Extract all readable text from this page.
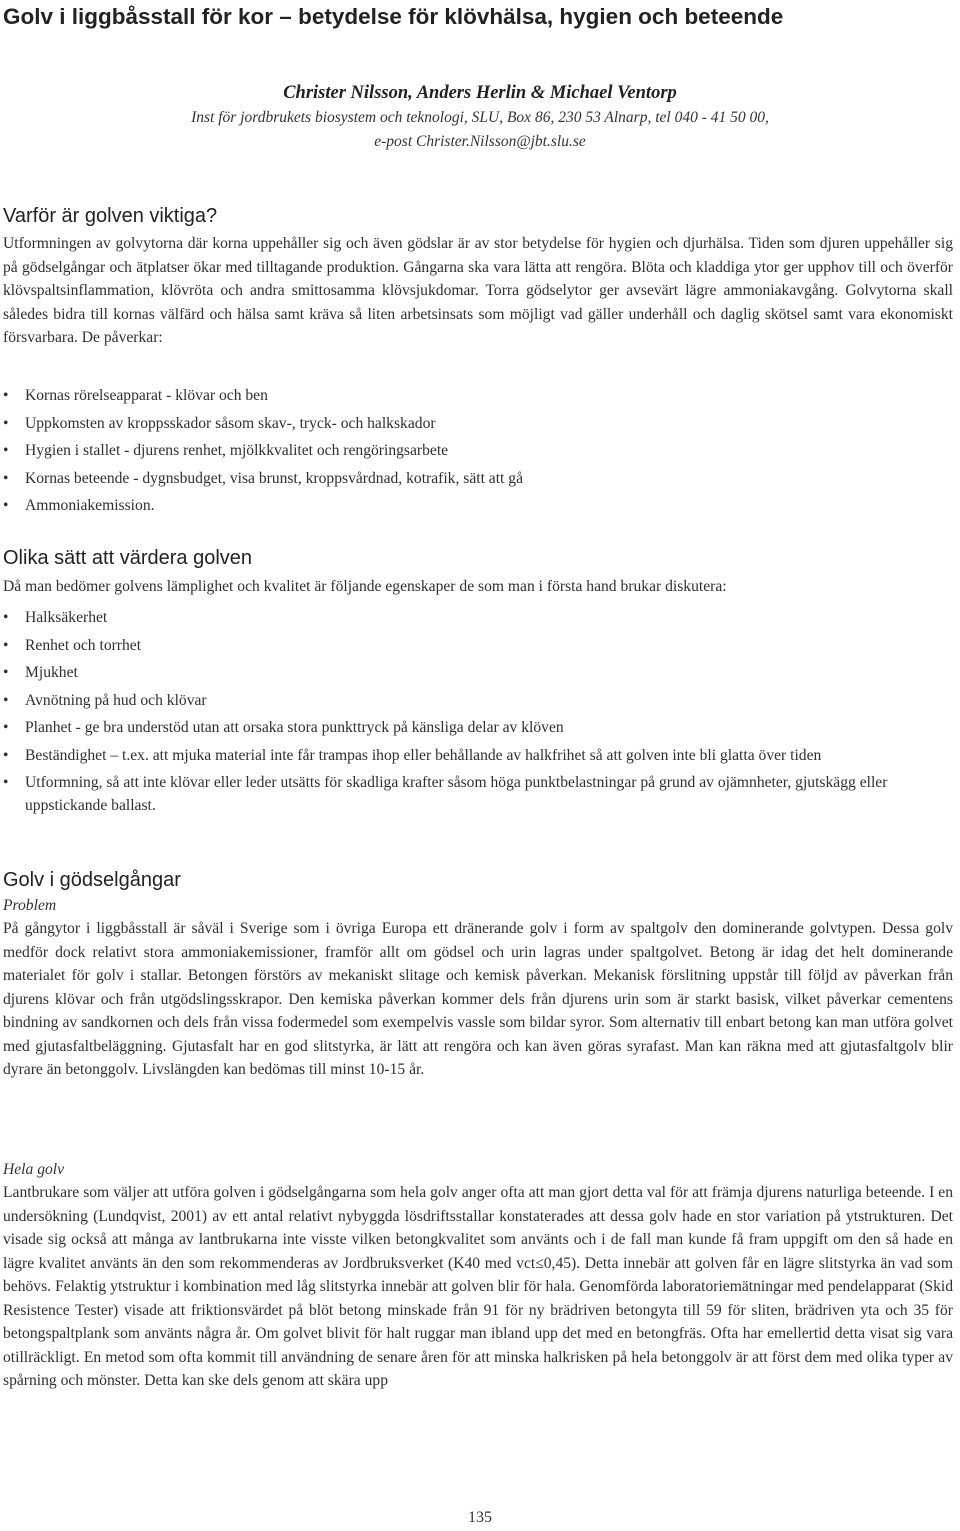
Golv i liggbåsstall för kor – betydelse för klövhälsa, hygien och beteende
Christer Nilsson, Anders Herlin & Michael Ventorp
Inst för jordbrukets biosystem och teknologi, SLU, Box 86, 230 53 Alnarp, tel 040 - 41 50 00,
e-post Christer.Nilsson@jbt.slu.se
Varför är golven viktiga?

Utformningen av golvytorna där korna uppehåller sig och även gödslar är av stor betydelse för hygien och djurhälsa. Tiden som djuren uppehåller sig på gödselgångar och ätplatser ökar med tilltagande produktion. Gångarna ska vara lätta att rengöra. Blöta och kladdiga ytor ger upphov till och överför klövspaltsinflammation, klövröta och andra smittosamma klövsjukdomar. Torra gödselytor ger avsevärt lägre ammoniakavgång. Golvytorna skall således bidra till kornas välfärd och hälsa samt kräva så liten arbetsinsats som möjligt vad gäller underhåll och daglig skötsel samt vara ekonomiskt försvarbara. De påverkar:

• Kornas rörelseapparat - klövar och ben
• Uppkomsten av kroppsskador såsom skav-, tryck- och halkskador
• Hygien i stallet - djurens renhet, mjölkkvalitet och rengöringsarbete
• Kornas beteende - dygnsbudget, visa brunst, kroppsvårdnad, kotrafik, sätt att gå
• Ammoniakemission.
Olika sätt att värdera golven

Då man bedömer golvens lämplighet och kvalitet är följande egenskaper de som man i första hand brukar diskutera:

• Halksäkerhet
• Renhet och torrhet
• Mjukhet
• Avnötning på hud och klövar
• Planhet - ge bra understöd utan att orsaka stora punkttryck på känsliga delar av klöven
• Beständighet – t.ex. att mjuka material inte får trampas ihop eller behållande av halkfrihet så att golven inte bli glatta över tiden
• Utformning, så att inte klövar eller leder utsätts för skadliga krafter såsom höga punktbelastningar på grund av ojämnheter, gjutskägg eller uppstickande ballast.
Golv i gödselgångar
Problem

På gångytor i liggbåsstall är såväl i Sverige som i övriga Europa ett dränerande golv i form av spaltgolv den dominerande golvtypen. Dessa golv medför dock relativt stora ammoniakemissioner, framför allt om gödsel och urin lagras under spaltgolvet. Betong är idag det helt dominerande materialet för golv i stallar. Betongen förstörs av mekaniskt slitage och kemisk påverkan. Mekanisk förslitning uppstår till följd av påverkan från djurens klövar och från utgödslingsskrapor. Den kemiska påverkan kommer dels från djurens urin som är starkt basisk, vilket påverkar cementens bindning av sandkornen och dels från vissa fodermedel som exempelvis vassle som bildar syror. Som alternativ till enbart betong kan man utföra golvet med gjutasfaltbeläggning. Gjutasfalt har en god slitstyrka, är lätt att rengöra och kan även göras syrafast. Man kan räkna med att gjutasfaltgolv blir dyrare än betonggolv. Livslängden kan bedömas till minst 10-15 år.

Hela golv

Lantbrukare som väljer att utföra golven i gödselgångarna som hela golv anger ofta att man gjort detta val för att främja djurens naturliga beteende. I en undersökning (Lundqvist, 2001) av ett antal relativt nybyggda lösdriftsstallar konstaterades att dessa golv hade en stor variation på ytstrukturen. Det visade sig också att många av lantbrukarna inte visste vilken betongkvalitet som använts och i de fall man kunde få fram uppgift om den så hade en lägre kvalitet använts än den som rekommenderas av Jordbruksverket (K40 med vct≤0,45). Detta innebär att golven får en lägre slitstyrka än vad som behövs. Felaktig ytstruktur i kombination med låg slitstyrka innebär att golven blir för hala. Genomförda laboratoriemätningar med pendelapparat (Skid Resistence Tester) visade att friktionsvärdet på blöt betong minskade från 91 för ny brädriven betongyta till 59 för sliten, brädriven yta och 35 för betongspaltplank som använts några år. Om golvet blivit för halt ruggar man ibland upp det med en betongfräs. Ofta har emellertid detta visat sig vara otillräckligt. En metod som ofta kommit till användning de senare åren för att minska halkrisken på hela betonggolv är att först dem med olika typer av spårning och mönster. Detta kan ske dels genom att skära upp

135
